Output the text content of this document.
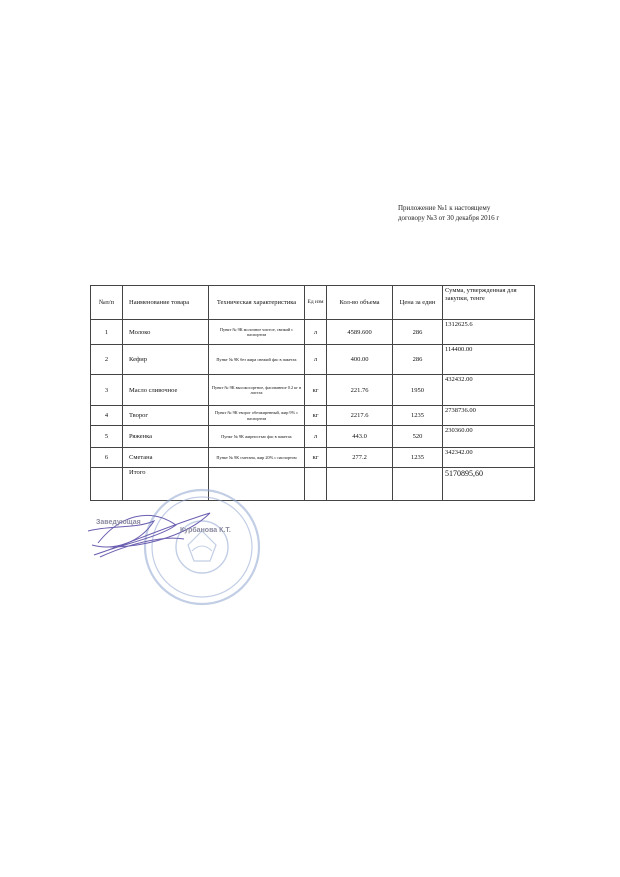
Приложение №1 к настоящему
договору №3 от 30 декабря 2016 г
№п/п	Наименование товара	Техническая характеристика	Ед изм	Кол-во объема	Цена за един	Сумма, утвержденная для закупки, тенге
1	Молоко	Пункт № 9К молочное чистое, свежий с паспортом	л	4589.600	286	1312625.6
2	Кефир	Пункт № 9К без жира свежий фас в пакетах	л	400.00	286	114400.00
3	Масло сливочное	Пункт № 9К высокосортное, фасованное 0.2 кг в листах	кг	221.76	1950	432432.00
4	Творог	Пункт № 9К творог обезжиренный, жир 9% с паспортом	кг	2217.6	1235	2738736.00
5	Ряженка	Пункт № 9К жирностью фас в пакетах	л	443.0	520	230360.00
6	Сметана	Пункт № 9К сметана, жир 20% с паспортом	кг	277.2	1235	342342.00
	Итого					5170895,60
Заведующая
Курбанова К.Т.
